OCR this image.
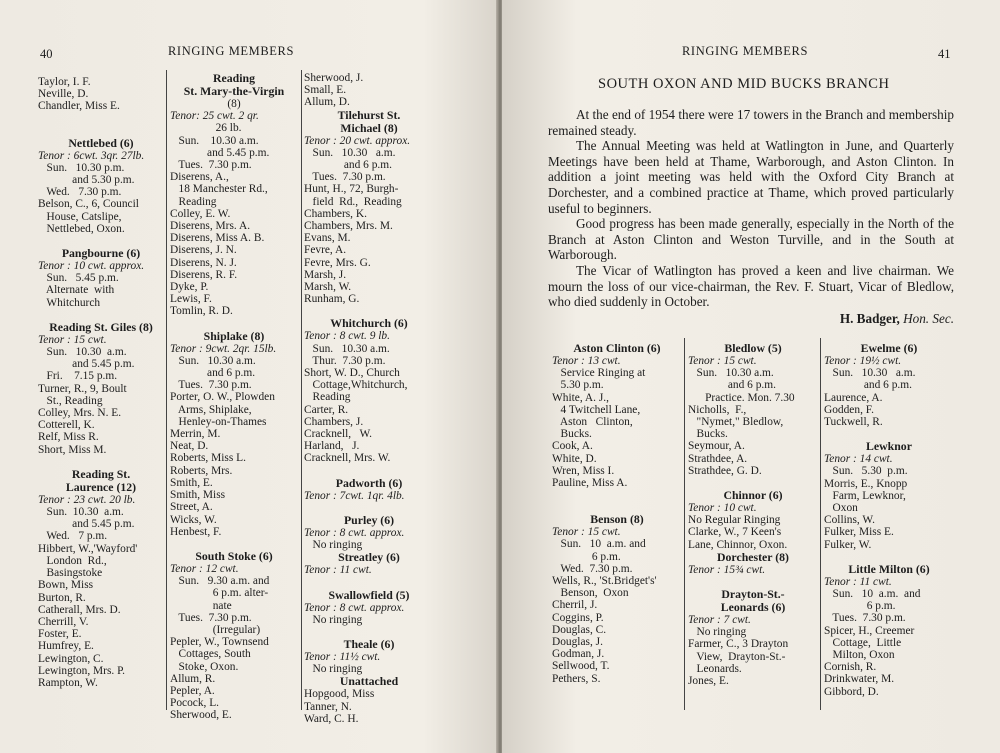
40	RINGING MEMBERS
Taylor, I. F.
Neville, D.
Chandler, Miss E.
Nettlebed (6)
Tenor : 6cwt. 3qr. 27lb.
Sun.   10.30 p.m.
and 5.30 p.m.
Wed.   7.30 p.m.
Belson, C., 6, Council
House, Catslipe,
Nettlebed, Oxon.
Pangbourne (6)
Tenor : 10 cwt. approx.
Sun.   5.45 p.m.
Alternate  with
Whitchurch
Reading St. Giles (8)
Tenor : 15 cwt.
Sun.   10.30  a.m.
and 5.45 p.m.
Fri.    7.15 p.m.
Turner, R., 9, Boult
St., Reading
Colley, Mrs. N. E.
Cotterell, K.
Relf, Miss R.
Short, Miss M.
Reading St.
Laurence (12)
Tenor : 23 cwt. 20 lb.
Sun.  10.30  a.m.
and 5.45 p.m.
Wed.   7 p.m.
Hibbert, W.,'Wayford'
London  Rd.,
Basingstoke
Bown, Miss
Burton, R.
Catherall, Mrs. D.
Cherrill, V.
Foster, E.
Humfrey, E.
Lewington, C.
Lewington, Mrs. P.
Rampton, W.
Reading
St. Mary-the-Virgin
(8)
Tenor: 25 cwt. 2 qr.
26 lb.
Sun.    10.30 a.m.
and 5.45 p.m.
Tues.  7.30 p.m.
Diserens, A.,
18 Manchester Rd.,
Reading
Colley, E. W.
Diserens, Mrs. A.
Diserens, Miss A. B.
Diserens, J. N.
Diserens, N. J.
Diserens, R. F.
Dyke, P.
Lewis, F.
Tomlin, R. D.
Shiplake (8)
Tenor : 9cwt. 2qr. 15lb.
Sun.   10.30 a.m.
and 6 p.m.
Tues.  7.30 p.m.
Porter, O. W., Plowden
Arms, Shiplake,
Henley-on-Thames
Merrin, M.
Neat, D.
Roberts, Miss L.
Roberts, Mrs.
Smith, E.
Smith, Miss
Street, A.
Wicks, W.
Henbest, F.
South Stoke (6)
Tenor : 12 cwt.
Sun.   9.30 a.m. and
6 p.m. alter-
nate
Tues.  7.30 p.m.
(Irregular)
Pepler, W., Townsend
Cottages, South
Stoke, Oxon.
Allum, R.
Pepler, A.
Pocock, L.
Sherwood, E.
Sherwood, J.
Small, E.
Allum, D.
Tilehurst St.
Michael (8)
Tenor : 20 cwt. approx.
Sun.   10.30   a.m.
and 6 p.m.
Tues.  7.30 p.m.
Hunt, H., 72, Burgh-
field  Rd.,  Reading
Chambers, K.
Chambers, Mrs. M.
Evans, M.
Fevre, A.
Fevre, Mrs. G.
Marsh, J.
Marsh, W.
Runham, G.
Whitchurch (6)
Tenor : 8 cwt. 9 lb.
Sun.   10.30 a.m.
Thur.  7.30 p.m.
Short, W. D., Church
Cottage,Whitchurch,
Reading
Carter, R.
Chambers, J.
Cracknell,   W.
Harland,   J.
Cracknell, Mrs. W.
Padworth (6)
Tenor : 7cwt. 1qr. 4lb.
Purley (6)
Tenor : 8 cwt. approx.
No ringing
Streatley (6)
Tenor : 11 cwt.
Swallowfield (5)
Tenor : 8 cwt. approx.
No ringing
Theale (6)
Tenor : 11½ cwt.
No ringing
Unattached
Hopgood, Miss
Tanner, N.
Ward, C. H.
RINGING MEMBERS	41
SOUTH OXON AND MID BUCKS BRANCH

At the end of 1954 there were 17 towers in the Branch and membership remained steady.

The Annual Meeting was held at Watlington in June, and Quarterly Meetings have been held at Thame, Warborough, and Aston Clinton. In addition a joint meeting was held with the Oxford City Branch at Dorchester, and a combined practice at Thame, which proved particularly useful to beginners.

Good progress has been made generally, especially in the North of the Branch at Aston Clinton and Weston Turville, and in the South at Warborough.

The Vicar of Watlington has proved a keen and live chairman. We mourn the loss of our vice-chairman, the Rev. F. Stuart, Vicar of Bledlow, who died suddenly in October.

H. Badger, Hon. Sec.
Aston Clinton (6)
Tenor : 13 cwt.
Service Ringing at
5.30 p.m.
White, A. J.,
4 Twitchell Lane,
Aston   Clinton,
Bucks.
Cook, A.
White, D.
Wren, Miss I.
Pauline, Miss A.
Benson (8)
Tenor : 15 cwt.
Sun.   10  a.m. and
6 p.m.
Wed.  7.30 p.m.
Wells, R., 'St.Bridget's'
Benson,  Oxon
Cherril, J.
Coggins, P.
Douglas, C.
Douglas, J.
Godman, J.
Sellwood, T.
Pethers, S.
Bledlow (5)
Tenor : 15 cwt.
Sun.   10.30 a.m.
and 6 p.m.
Practice. Mon. 7.30
Nicholls,  F.,
"Nymet," Bledlow,
Bucks.
Seymour, A.
Strathdee, A.
Strathdee, G. D.
Chinnor (6)
Tenor : 10 cwt.
No Regular Ringing
Clarke, W., 7 Keen's
Lane, Chinnor, Oxon.
Dorchester (8)
Tenor : 15¾ cwt.
Drayton-St.-
Leonards (6)
Tenor : 7 cwt.
No ringing
Farmer, C., 3 Drayton
View,  Drayton-St.-
Leonards.
Jones, E.
Ewelme (6)
Tenor : 19½ cwt.
Sun.   10.30   a.m.
and 6 p.m.
Laurence, A.
Godden, F.
Tuckwell, R.
Lewknor
Tenor : 14 cwt.
Sun.   5.30  p.m.
Morris, E., Knopp
Farm, Lewknor,
Oxon
Collins, W.
Fulker, Miss E.
Fulker, W.
Little Milton (6)
Tenor : 11 cwt.
Sun.   10  a.m.  and
6 p.m.
Tues.  7.30 p.m.
Spicer, H., Creemer
Cottage,  Little
Milton, Oxon
Cornish, R.
Drinkwater, M.
Gibbord, D.
